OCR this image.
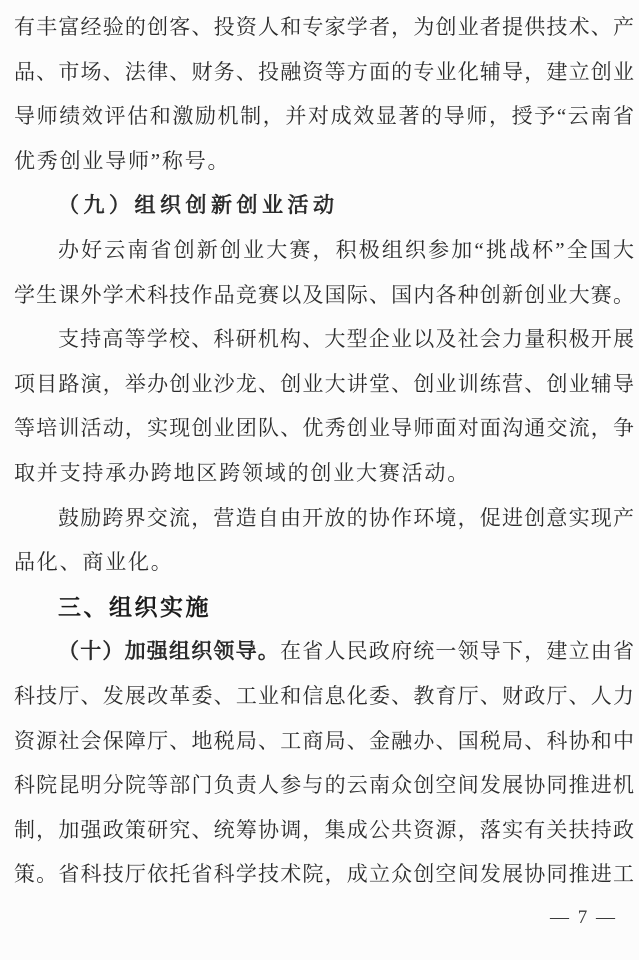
有丰富经验的创客、投资人和专家学者，为创业者提供技术、产
品、市场、法律、财务、投融资等方面的专业化辅导，建立创业
导师绩效评估和激励机制，并对成效显著的导师，授予“云南省
优秀创业导师”称号。
（九）组织创新创业活动
办好云南省创新创业大赛，积极组织参加“挑战杯”全国大
学生课外学术科技作品竞赛以及国际、国内各种创新创业大赛。
支持高等学校、科研机构、大型企业以及社会力量积极开展
项目路演，举办创业沙龙、创业大讲堂、创业训练营、创业辅导
等培训活动，实现创业团队、优秀创业导师面对面沟通交流，争
取并支持承办跨地区跨领域的创业大赛活动。
鼓励跨界交流，营造自由开放的协作环境，促进创意实现产
品化、商业化。
三、组织实施
（十）加强组织领导。在省人民政府统一领导下，建立由省
科技厅、发展改革委、工业和信息化委、教育厅、财政厅、人力
资源社会保障厅、地税局、工商局、金融办、国税局、科协和中
科院昆明分院等部门负责人参与的云南众创空间发展协同推进机
制，加强政策研究、统筹协调，集成公共资源，落实有关扶持政
策。省科技厅依托省科学技术院，成立众创空间发展协同推进工
— 7 —
